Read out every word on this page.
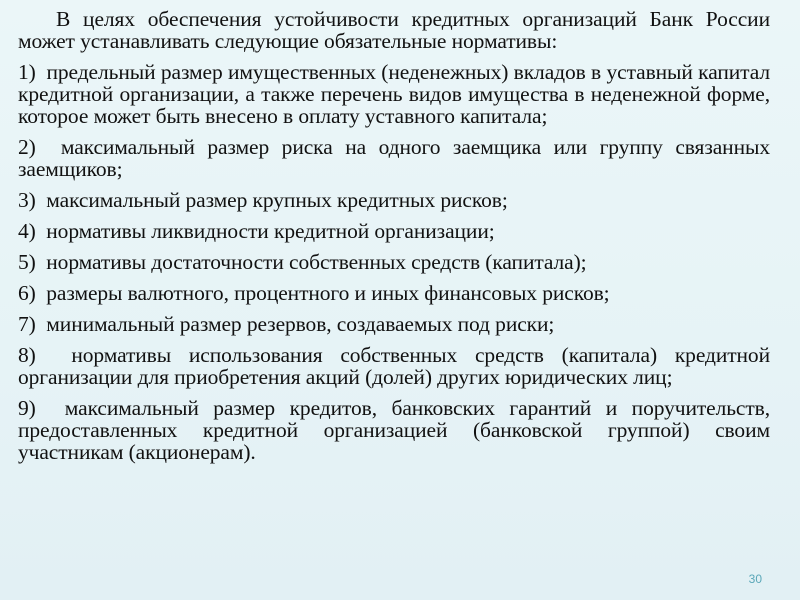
В целях обеспечения устойчивости кредитных организаций Банк России может устанавливать следующие обязательные нормативы:

1) предельный размер имущественных (неденежных) вкладов в уставный капитал кредитной организации, а также перечень видов имущества в неденежной форме, которое может быть внесено в оплату уставного капитала;

2) максимальный размер риска на одного заемщика или группу связанных заемщиков;

3) максимальный размер крупных кредитных рисков;

4) нормативы ликвидности кредитной организации;

5) нормативы достаточности собственных средств (капитала);

6) размеры валютного, процентного и иных финансовых рисков;

7) минимальный размер резервов, создаваемых под риски;

8) нормативы использования собственных средств (капитала) кредитной организации для приобретения акций (долей) других юридических лиц;

9) максимальный размер кредитов, банковских гарантий и поручительств, предоставленных кредитной организацией (банковской группой) своим участникам (акционерам).

30
